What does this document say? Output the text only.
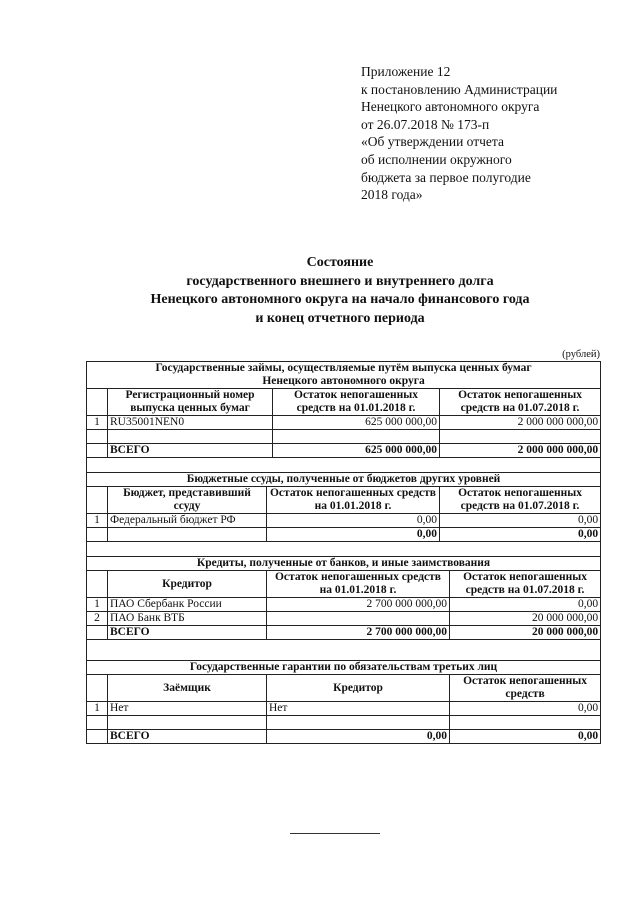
Приложение 12
к постановлению Администрации
Ненецкого автономного округа
от 26.07.2018 № 173-п
«Об утверждении отчета
об исполнении окружного
бюджета за первое полугодие
2018 года»
Состояние
государственного внешнего и внутреннего долга
Ненецкого автономного округа на начало финансового года
и конец отчетного периода
(рублей)
Государственные займы, осуществляемые путём выпуска ценных бумаг
Ненецкого автономного округа					

	Регистрационный номер выпуска ценных бумаг		Остаток непогашенных средств на 01.01.2018 г.	Остаток непогашенных средств на 01.07.2018 г.	
1	RU35001NEN0		625 000 000,00	2 000 000 000,00	

	ВСЕГО		625 000 000,00	2 000 000 000,00	

Бюджетные ссуды, полученные от бюджетов других уровней					
	Бюджет, представивший ссуду	Остаток непогашенных средств на 01.01.2018 г.		Остаток непогашенных средств на 01.07.2018 г.	
1	Федеральный бюджет РФ	0,00		0,00	
		0,00		0,00	

Кредиты, полученные от банков, и иные заимствования					
	Кредитор	Остаток непогашенных средств на 01.01.2018 г.			Остаток непогашенных средств на 01.07.2018 г.
1	ПАО Сбербанк России	2 700 000 000,00			0,00
2	ПАО Банк ВТБ				20 000 000,00
	ВСЕГО	2 700 000 000,00			20 000 000,00

Государственные гарантии по обязательствам третьих лиц					
	Заёмщик	Кредитор			Остаток непогашенных средств
1	Нет	Нет			0,00

	ВСЕГО	0,00			0,00
